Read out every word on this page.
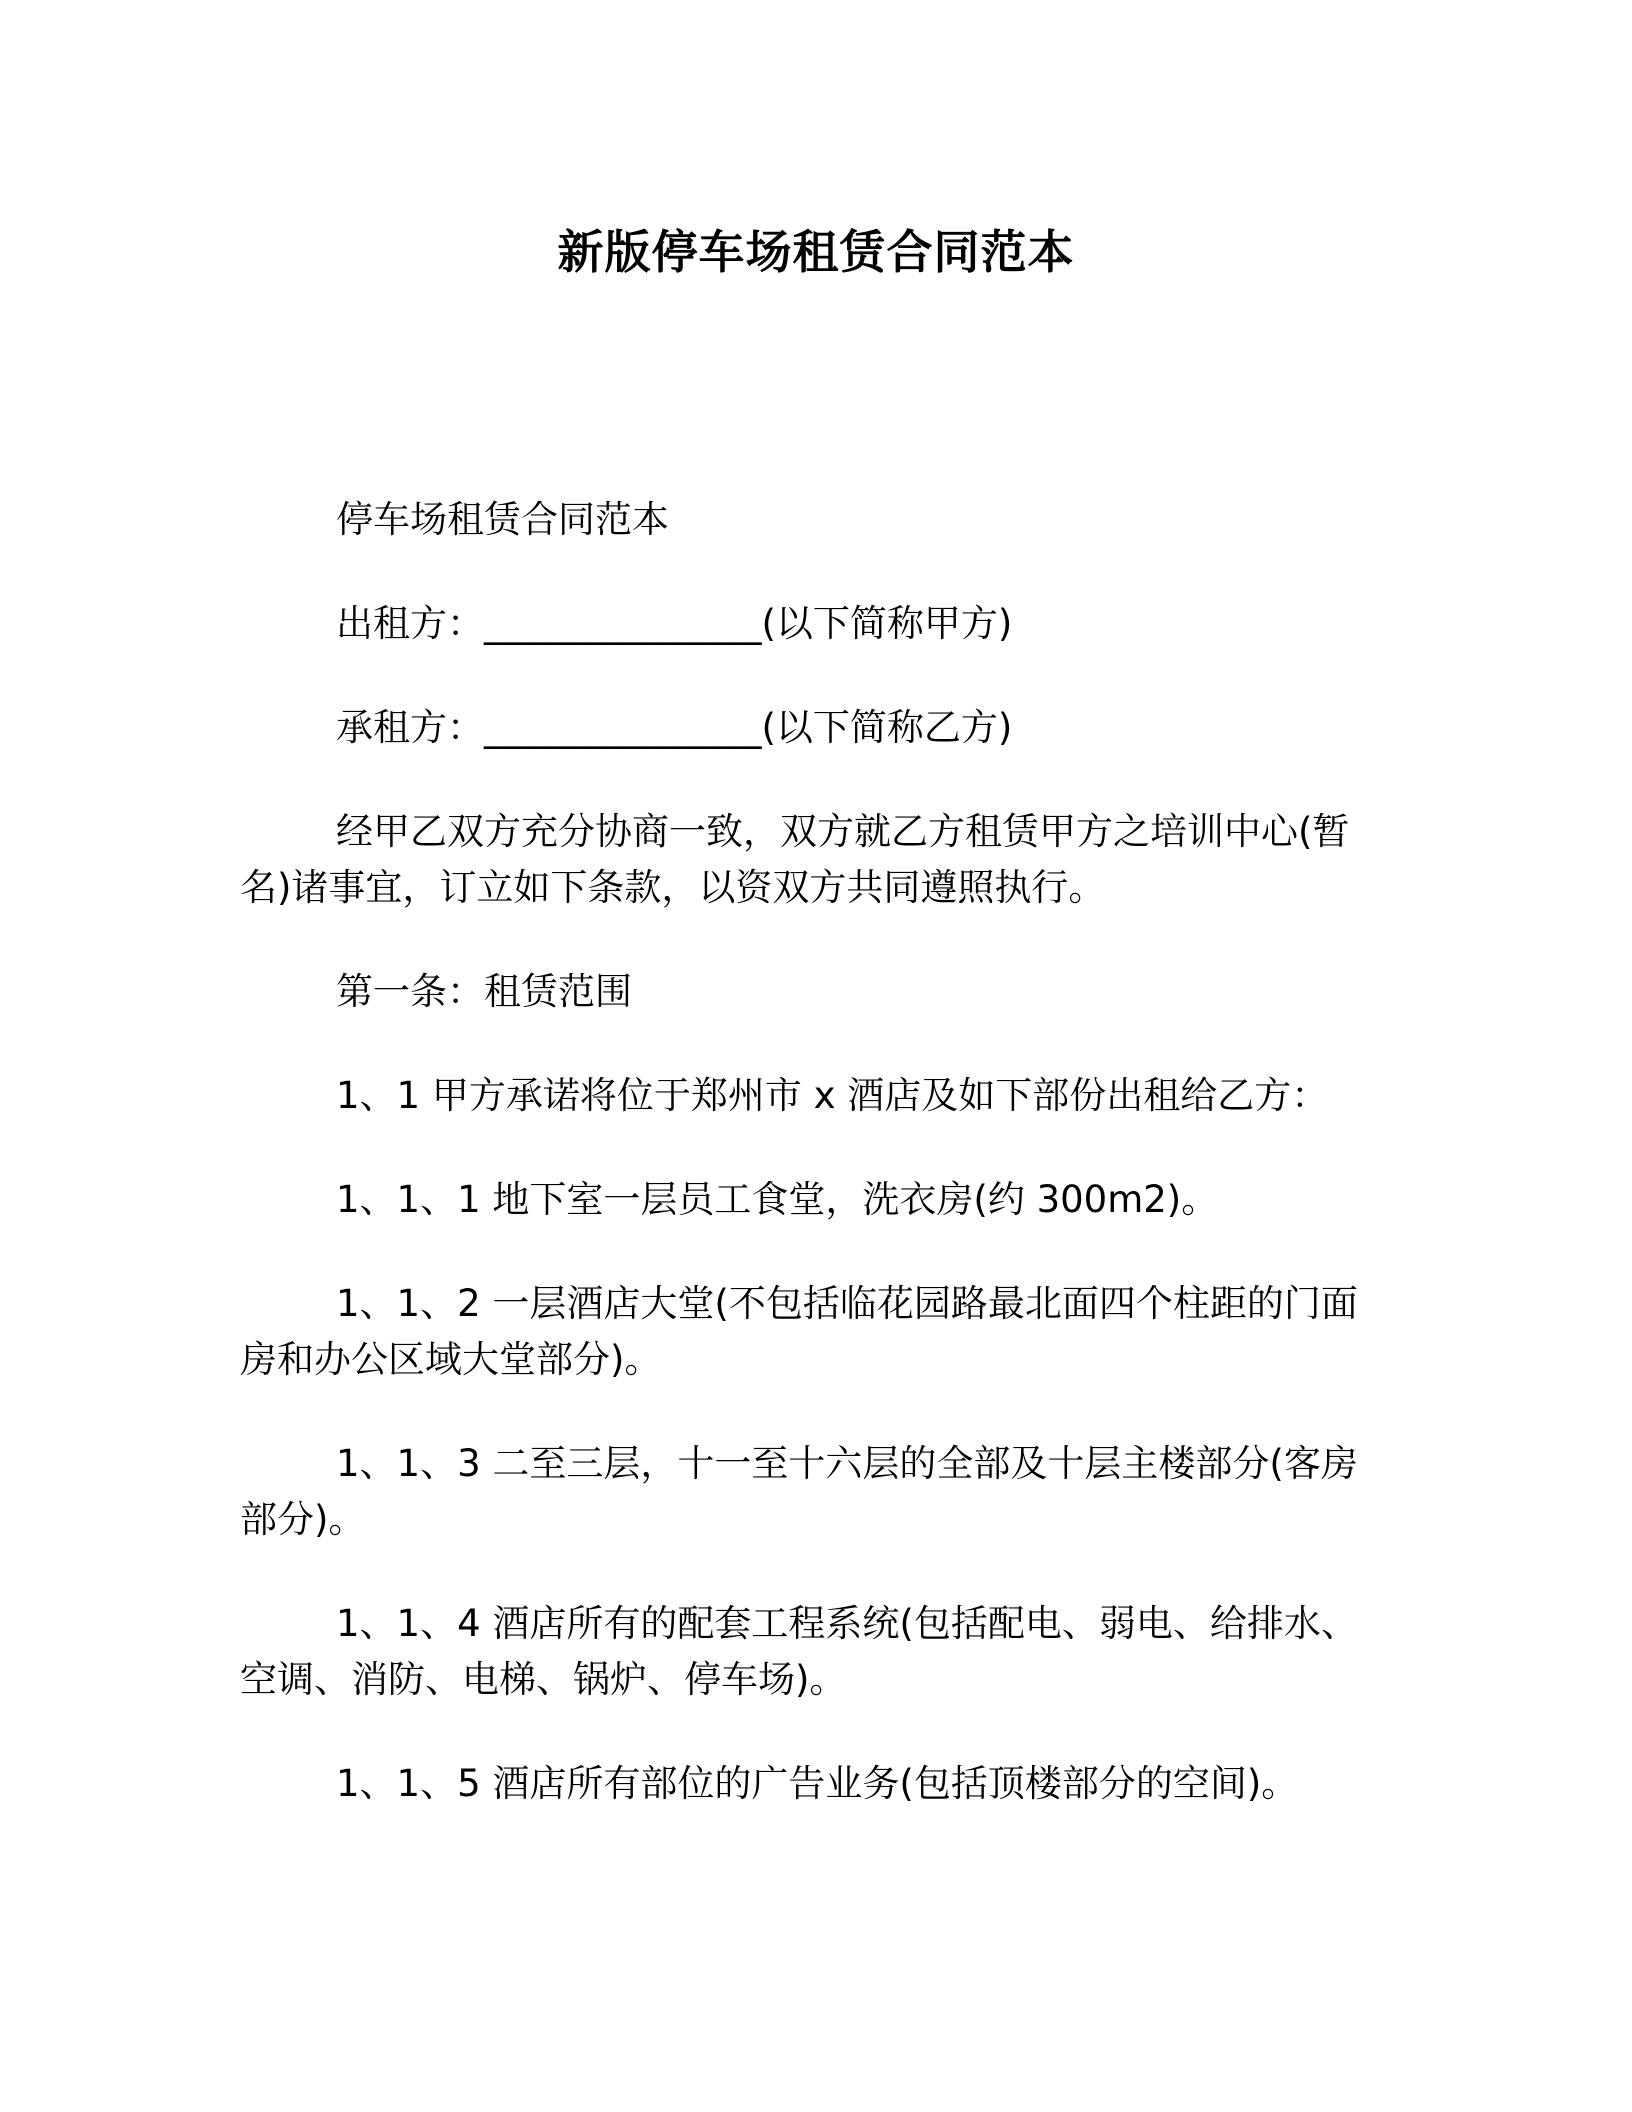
新版停车场租赁合同范本

停车场租赁合同范本

出租方：_______________(以下简称甲方)

承租方：_______________(以下简称乙方)

经甲乙双方充分协商一致，双方就乙方租赁甲方之培训中心(暂名)诸事宜，订立如下条款，以资双方共同遵照执行。

第一条：租赁范围

1、1 甲方承诺将位于郑州市 x 酒店及如下部份出租给乙方：

1、1、1 地下室一层员工食堂，洗衣房(约 300m2)。

1、1、2 一层酒店大堂(不包括临花园路最北面四个柱距的门面房和办公区域大堂部分)。

1、1、3 二至三层，十一至十六层的全部及十层主楼部分(客房部分)。

1、1、4 酒店所有的配套工程系统(包括配电、弱电、给排水、空调、消防、电梯、锅炉、停车场)。

1、1、5 酒店所有部位的广告业务(包括顶楼部分的空间)。
